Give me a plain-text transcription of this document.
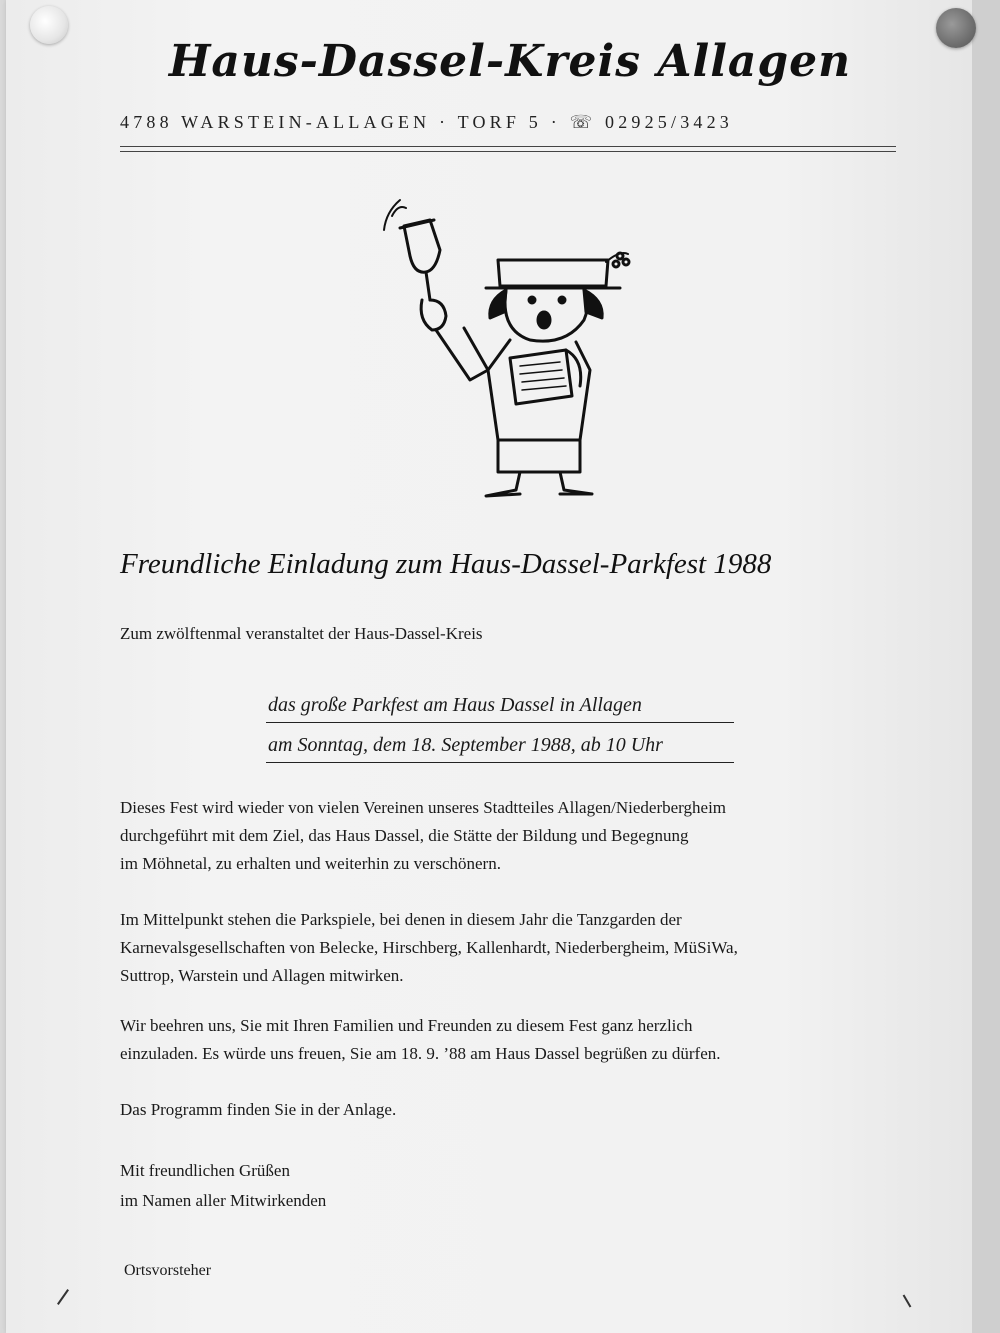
Haus-Dassel-Kreis Allagen
4788 WARSTEIN-ALLAGEN · TORF 5 · ☏ 02925/3423
Freundliche Einladung zum Haus-Dassel-Parkfest 1988
Zum zwölftenmal veranstaltet der Haus-Dassel-Kreis
das große Parkfest am Haus Dassel in Allagen
am Sonntag, dem 18. September 1988, ab 10 Uhr
Dieses Fest wird wieder von vielen Vereinen unseres Stadtteiles Allagen/Niederbergheim
durchgeführt mit dem Ziel, das Haus Dassel, die Stätte der Bildung und Begegnung
im Möhnetal, zu erhalten und weiterhin zu verschönern.
Im Mittelpunkt stehen die Parkspiele, bei denen in diesem Jahr die Tanzgarden der
Karnevalsgesellschaften von Belecke, Hirschberg, Kallenhardt, Niederbergheim, MüSiWa,
Suttrop, Warstein und Allagen mitwirken.
Wir beehren uns, Sie mit Ihren Familien und Freunden zu diesem Fest ganz herzlich
einzuladen. Es würde uns freuen, Sie am 18. 9. ’88 am Haus Dassel begrüßen zu dürfen.
Das Programm finden Sie in der Anlage.
Mit freundlichen Grüßen
im Namen aller Mitwirkenden
Ortsvorsteher
